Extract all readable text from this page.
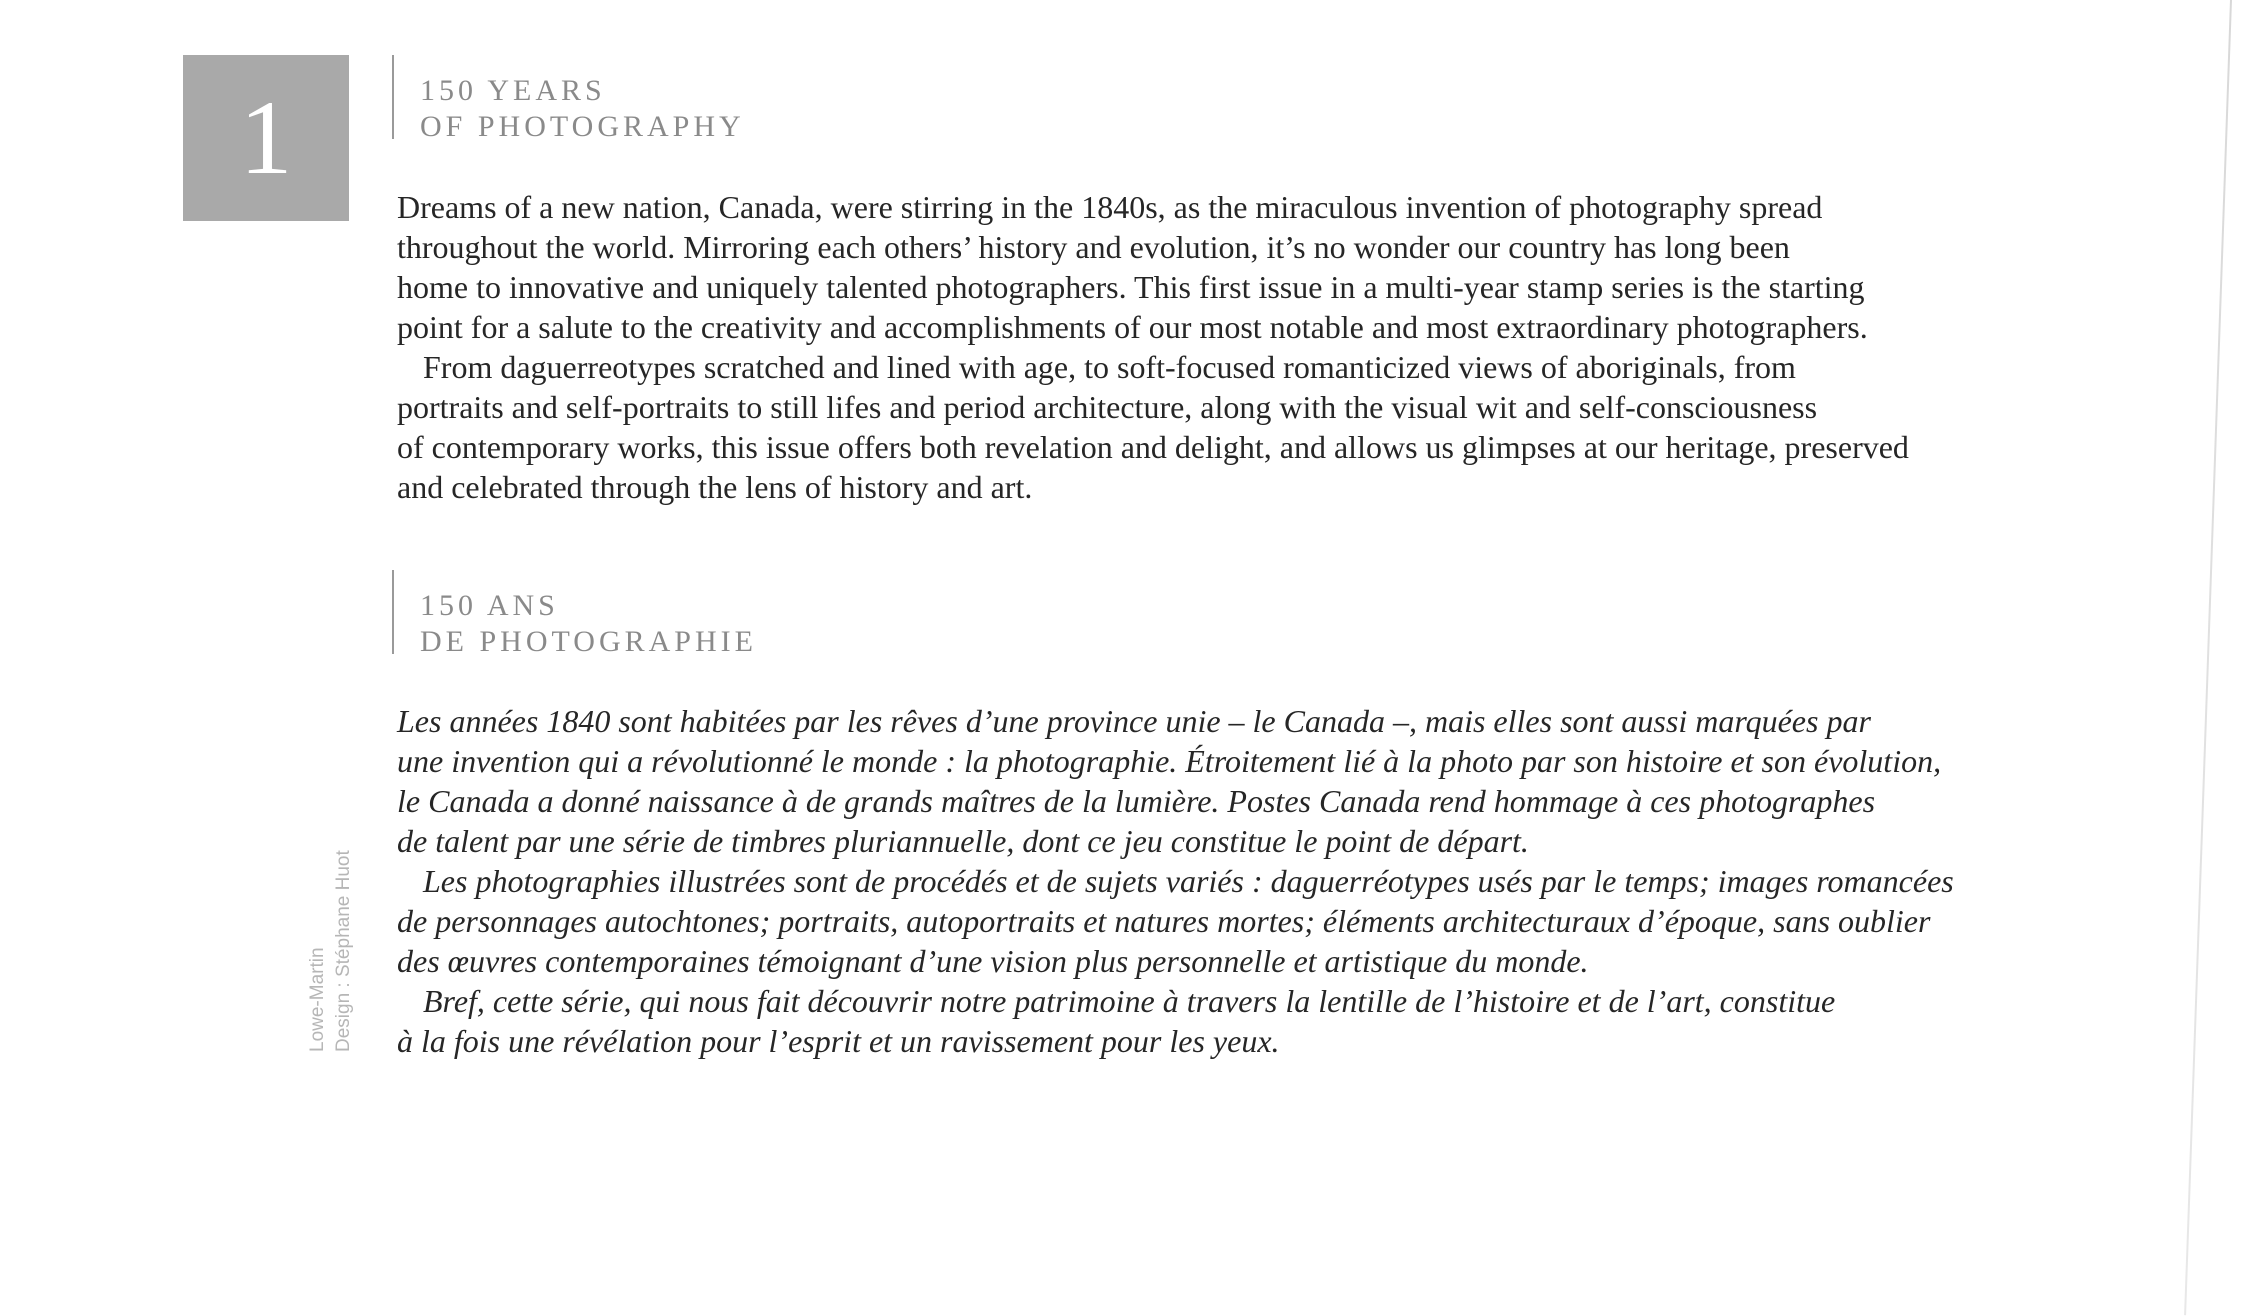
1	150 YEARS
OF PHOTOGRAPHY

Dreams of a new nation, Canada, were stirring in the 1840s, as the miraculous invention of photography spread

throughout the world. Mirroring each others’ history and evolution, it’s no wonder our country has long been

home to innovative and uniquely talented photographers. This first issue in a multi-year stamp series is the starting

point for a salute to the creativity and accomplishments of our most notable and most extraordinary photographers.

From daguerreotypes scratched and lined with age, to soft-focused romanticized views of aboriginals, from

portraits and self-portraits to still lifes and period architecture, along with the visual wit and self-consciousness

of contemporary works, this issue offers both revelation and delight, and allows us glimpses at our heritage, preserved

and celebrated through the lens of history and art.

150 ANS
DE PHOTOGRAPHIE

Les années 1840 sont habitées par les rêves d’une province unie – le Canada –, mais elles sont aussi marquées par

une invention qui a révolutionné le monde : la photographie. Étroitement lié à la photo par son histoire et son évolution,

le Canada a donné naissance à de grands maîtres de la lumière. Postes Canada rend hommage à ces photographes

de talent par une série de timbres pluriannuelle, dont ce jeu constitue le point de départ.

Les photographies illustrées sont de procédés et de sujets variés : daguerréotypes usés par le temps; images romancées

de personnages autochtones; portraits, autoportraits et natures mortes; éléments architecturaux d’époque, sans oublier

des œuvres contemporaines témoignant d’une vision plus personnelle et artistique du monde.

Bref, cette série, qui nous fait découvrir notre patrimoine à travers la lentille de l’histoire et de l’art, constitue

à la fois une révélation pour l’esprit et un ravissement pour les yeux.

Lowe-Martin Design : Stéphane Huot
